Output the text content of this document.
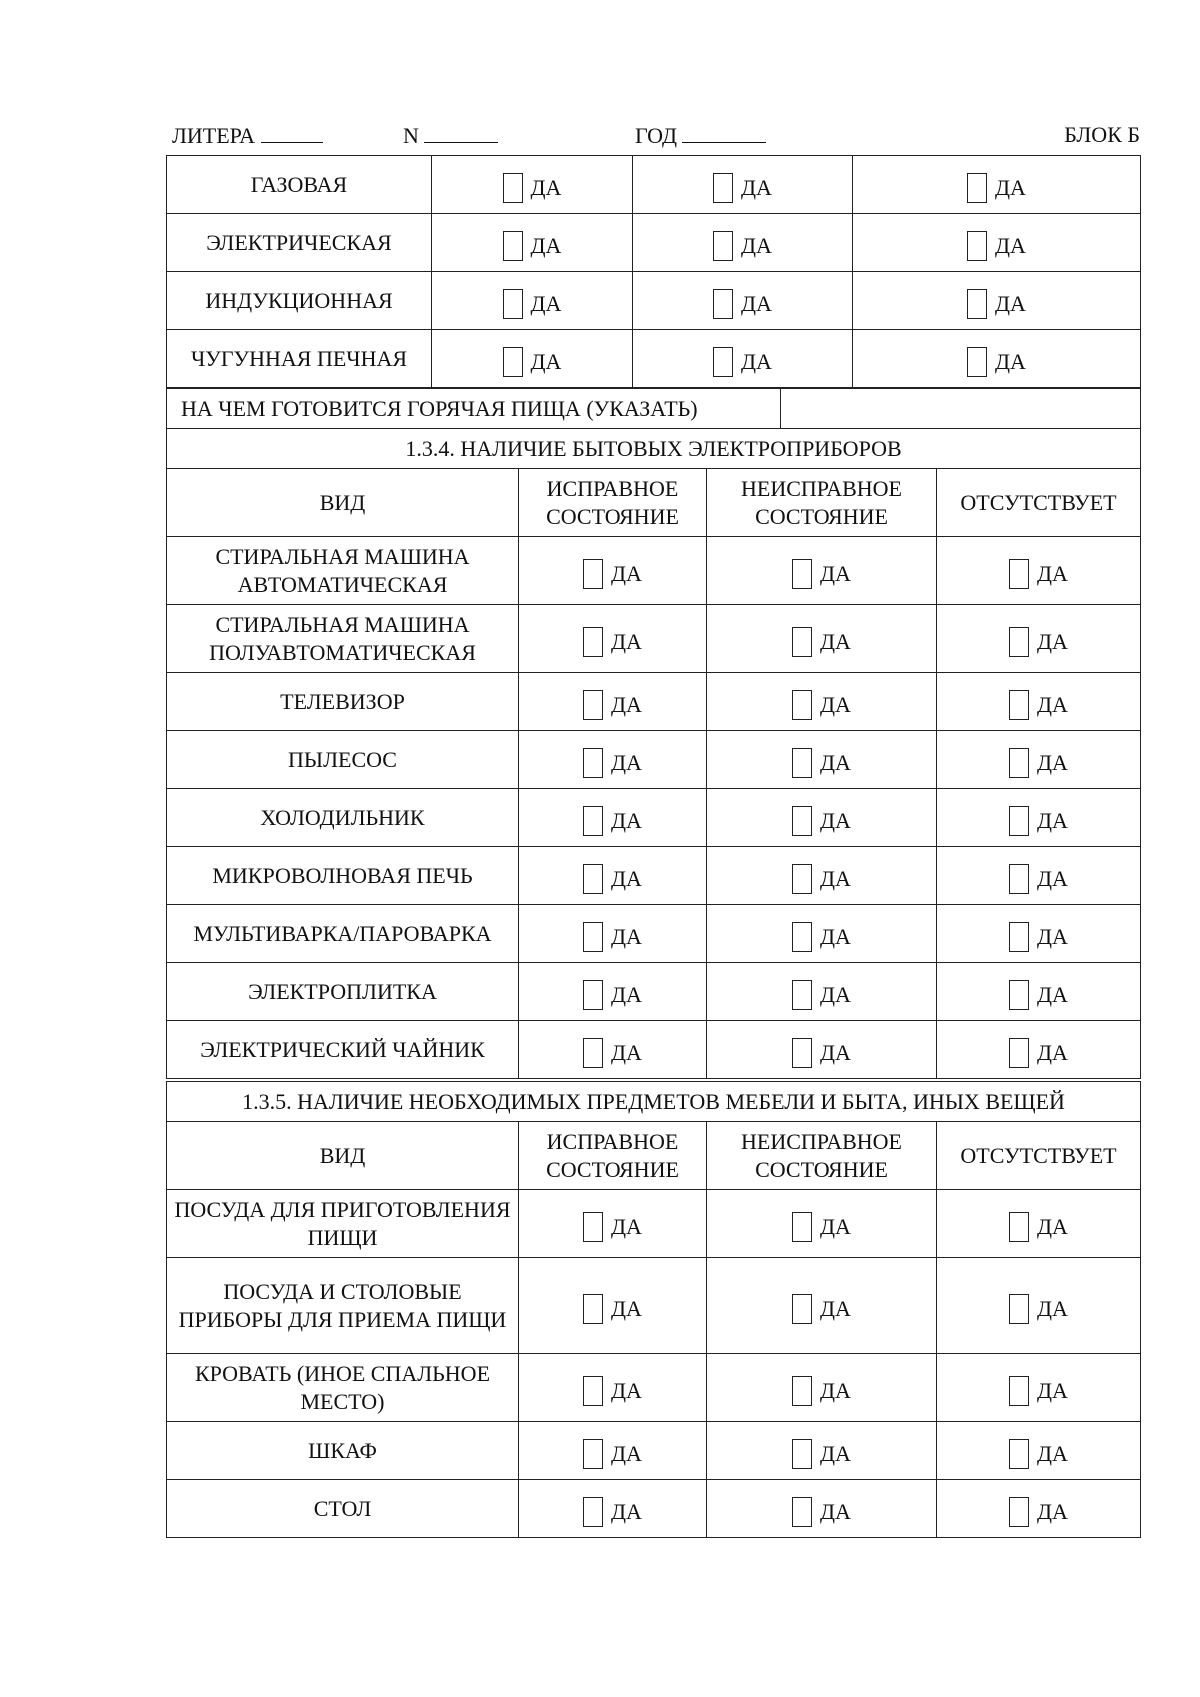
ЛИТЕРА	N	ГОД	БЛОК Б
ГАЗОВАЯ	ДА	ДА	ДА
ЭЛЕКТРИЧЕСКАЯ	ДА	ДА	ДА
ИНДУКЦИОННАЯ	ДА	ДА	ДА
ЧУГУННАЯ ПЕЧНАЯ	ДА	ДА	ДА
НА ЧЕМ ГОТОВИТСЯ ГОРЯЧАЯ ПИЩА (УКАЗАТЬ)	
1.3.4. НАЛИЧИЕ БЫТОВЫХ ЭЛЕКТРОПРИБОРОВ			
ВИД	ИСПРАВНОЕ СОСТОЯНИЕ	НЕИСПРАВНОЕ СОСТОЯНИЕ	ОТСУТСТВУЕТ
СТИРАЛЬНАЯ МАШИНА АВТОМАТИЧЕСКАЯ	ДА	ДА	ДА
СТИРАЛЬНАЯ МАШИНА ПОЛУАВТОМАТИЧЕСКАЯ	ДА	ДА	ДА
ТЕЛЕВИЗОР	ДА	ДА	ДА
ПЫЛЕСОС	ДА	ДА	ДА
ХОЛОДИЛЬНИК	ДА	ДА	ДА
МИКРОВОЛНОВАЯ ПЕЧЬ	ДА	ДА	ДА
МУЛЬТИВАРКА/ПАРОВАРКА	ДА	ДА	ДА
ЭЛЕКТРОПЛИТКА	ДА	ДА	ДА
ЭЛЕКТРИЧЕСКИЙ ЧАЙНИК	ДА	ДА	ДА
1.3.5. НАЛИЧИЕ НЕОБХОДИМЫХ ПРЕДМЕТОВ МЕБЕЛИ И БЫТА, ИНЫХ ВЕЩЕЙ			
ВИД	ИСПРАВНОЕ СОСТОЯНИЕ	НЕИСПРАВНОЕ СОСТОЯНИЕ	ОТСУТСТВУЕТ
ПОСУДА ДЛЯ ПРИГОТОВЛЕНИЯ ПИЩИ	ДА	ДА	ДА
ПОСУДА И СТОЛОВЫЕ ПРИБОРЫ ДЛЯ ПРИЕМА ПИЩИ	ДА	ДА	ДА
КРОВАТЬ (ИНОЕ СПАЛЬНОЕ МЕСТО)	ДА	ДА	ДА
ШКАФ	ДА	ДА	ДА
СТОЛ	ДА	ДА	ДА
